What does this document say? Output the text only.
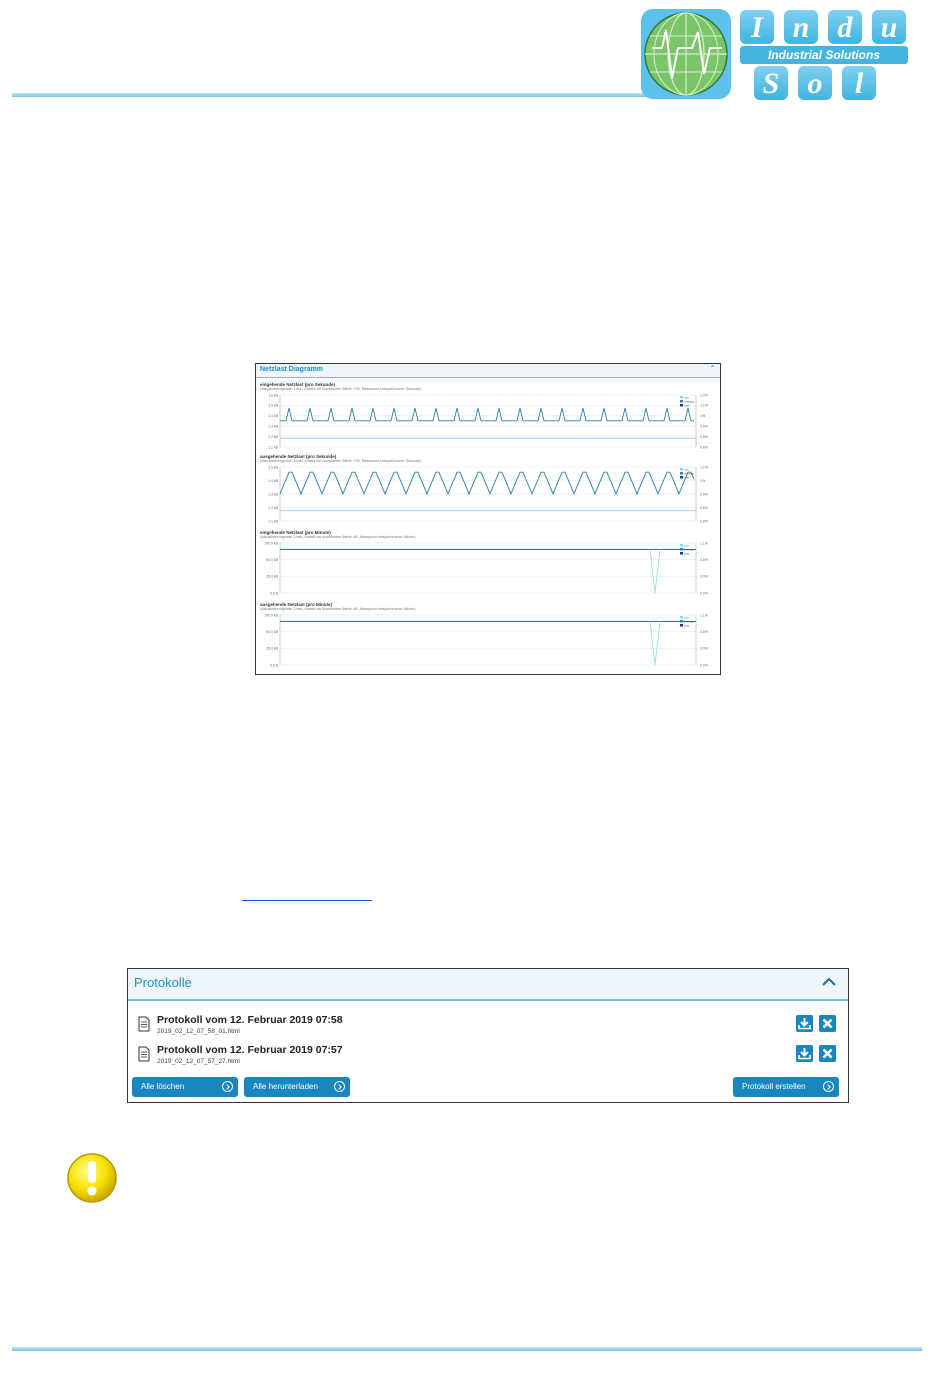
I n d u
Industrial Solutions
S o	l
Netzlast Diagramm	⌃
eingehende Netzlast (pro Sekunde)
(Aktualisierungsrate: 1/min, Anzahl der kumulierten Werte: 100, Messpunkt entspricht einer Sekunde)
1.6 kB	1.2%
1.5 kB	1.1%
1.4 kB	1%
1.3 kB	0.9%
1.2 kB	0.8%
1.1 kB	0.8%
min
average
max
ausgehende Netzlast (pro Sekunde)
(Aktualisierungsrate: 1/min, Anzahl der kumulierten Werte: 100, Messpunkt entspricht einer Sekunde)
1.5 kB	1.1%
1.4 kB	1%
1.3 kB	0.9%
1.2 kB	0.8%
1.1 kB	0.8%
min
average
max
eingehende Netzlast (pro Minute)
(Aktualisierungsrate: 1/min, Anzahl der kumulierten Werte: 60, Messpunkt entspricht einer Minute)
100.0 kB	1.1%
50.0 kB	0.6%
25.0 kB	0.3%
0.0 B	0.0%
min
average
max
ausgehende Netzlast (pro Minute)
(Aktualisierungsrate: 1/min, Anzahl der kumulierten Werte: 60, Messpunkt entspricht einer Minute)
100.0 kB	1.1%
50.0 kB	0.6%
25.0 kB	0.3%
0.0 B	0.0%
min
average
max
Protokolle
Protokoll vom 12. Februar 2019 07:58
2019_02_12_07_58_01.html
Protokoll vom 12. Februar 2019 07:57
2019_02_12_07_57_27.html
Alle löschen	Alle herunterladen	Protokoll erstellen
